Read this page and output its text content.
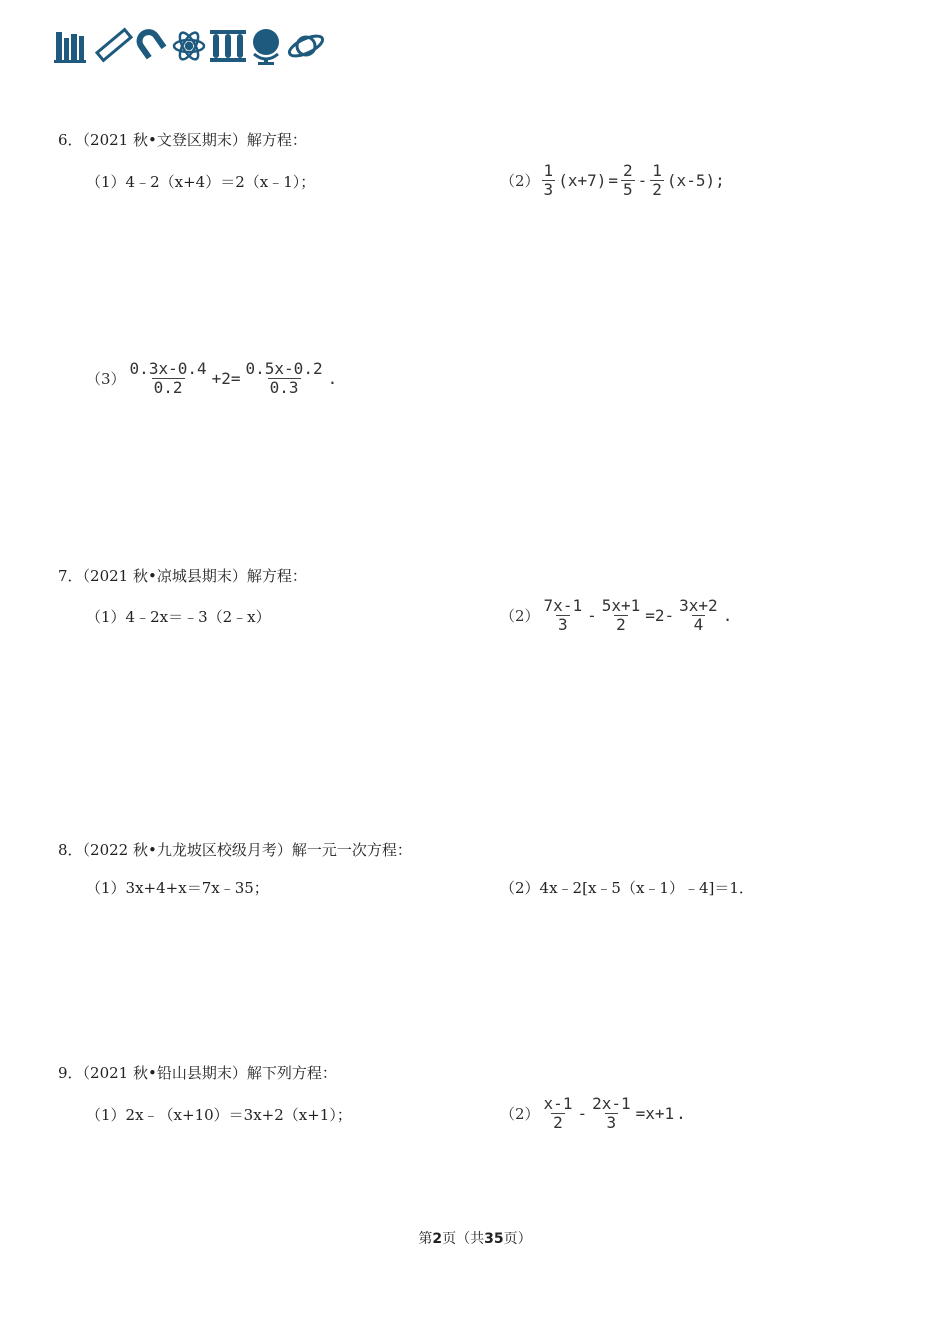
6．（2021 秋•文登区期末）解方程：
（1）4﹣2（x+4）＝2（x﹣1）；	$(2) \frac{1}{3} (x+7) = \frac{2}{5} - \frac{1}{2} (x-5)$;
$(3) \frac{0.3x-0.4}{0.2} +2= \frac{0.5x-0.2}{0.3}$ .
7．（2021 秋•凉城县期末）解方程：
（1）4﹣2x＝﹣3（2﹣x）	$(2) \frac{7x-1}{3} - \frac{5x+1}{2} =2- \frac{3x+2}{4}$ .
8．（2022 秋•九龙坡区校级月考）解一元一次方程：
（1）3x+4+x＝7x﹣35；	（2）4x﹣2[x﹣5（x﹣1）﹣4]＝1．
9．（2021 秋•铅山县期末）解下列方程：
（1）2x﹣（x+10）＝3x+2（x+1）；	$(2) \frac{x-1}{2} - \frac{2x-1}{3} =x+1$ .
第2页（共35页）
